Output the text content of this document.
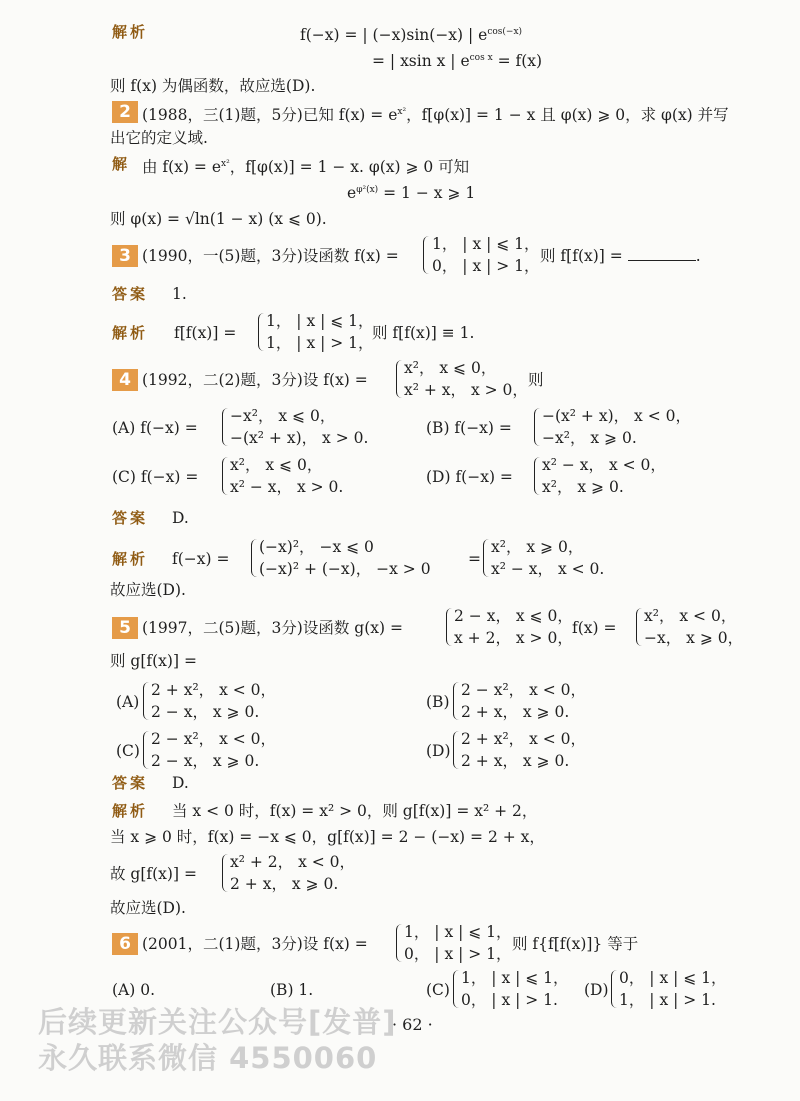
解析	f(−x) = | (−x)sin(−x) | $e^{cos(-x)}$
= | xsin x | $e^{cos x} = f(x)$
则 f(x) 为偶函数，故应选(D).
2 (1988，三(1)题，5分)已知 $f(x) = e^{x^2}$，f[φ(x)] = 1 − x 且 φ(x) ⩾ 0，求 φ(x) 并写
出它的定义域.
解 由 $f(x) = e^{x^2}$，f[φ(x)] = 1 − x. φ(x) ⩾ 0 可知
$e^{\varphi^2(x)} = 1 - x$ ⩾ 1
则 φ(x) = √ln(1 − x) (x ⩽ 0).
3 (1990，一(5)题，3分)设函数 f(x) =
1， | x | ⩽ 1，
0， | x | > 1，
则 f[f(x)] =	.
答案 1.
解析 f[f(x)] =
1， | x | ⩽ 1，
1， | x | > 1，
则 f[f(x)] ≡ 1.
4 (1992，二(2)题，3分)设 f(x) =
x²， x ⩽ 0，
x² + x， x > 0，
则
(A) f(−x) =
−x²， x ⩽ 0，
−(x² + x)， x > 0.
(B) f(−x) =
−(x² + x)， x < 0，
−x²， x ⩾ 0.
(C) f(−x) =
x²， x ⩽ 0，
x² − x， x > 0.
(D) f(−x) =
x² − x， x < 0，
x²， x ⩾ 0.
答案 D.
解析 f(−x) =
(−x)²， −x ⩽ 0
(−x)² + (−x)， −x > 0
=
x²， x ⩾ 0，
x² − x， x < 0.
故应选(D).
5 (1997，二(5)题，3分)设函数 g(x) =
2 − x， x ⩽ 0，
x + 2， x > 0，
f(x) =
x²， x < 0，
−x， x ⩾ 0，
则 g[f(x)] =
(A)
2 + x²， x < 0，
2 − x， x ⩾ 0.
(B)
2 − x²， x < 0，
2 + x， x ⩾ 0.
(C)
2 − x²， x < 0，
2 − x， x ⩾ 0.
(D)
2 + x²， x < 0，
2 + x， x ⩾ 0.
答案 D.
解析 当 x < 0 时，f(x) = x² > 0，则 g[f(x)] = x² + 2，
当 x ⩾ 0 时，f(x) = −x ⩽ 0，g[f(x)] = 2 − (−x) = 2 + x，
故 g[f(x)] =
x² + 2， x < 0，
2 + x， x ⩾ 0.
故应选(D).
6 (2001，二(1)题，3分)设 f(x) =
1， | x | ⩽ 1，
0， | x | > 1，
则 f{f[f(x)]} 等于
(A) 0.	(B) 1.	(C)
1， | x | ⩽ 1，
0， | x | > 1.
(D)
0， | x | ⩽ 1，
1， | x | > 1.
后续更新关注公众号[发普]
永久联系微信 4550060
· 62 ·
